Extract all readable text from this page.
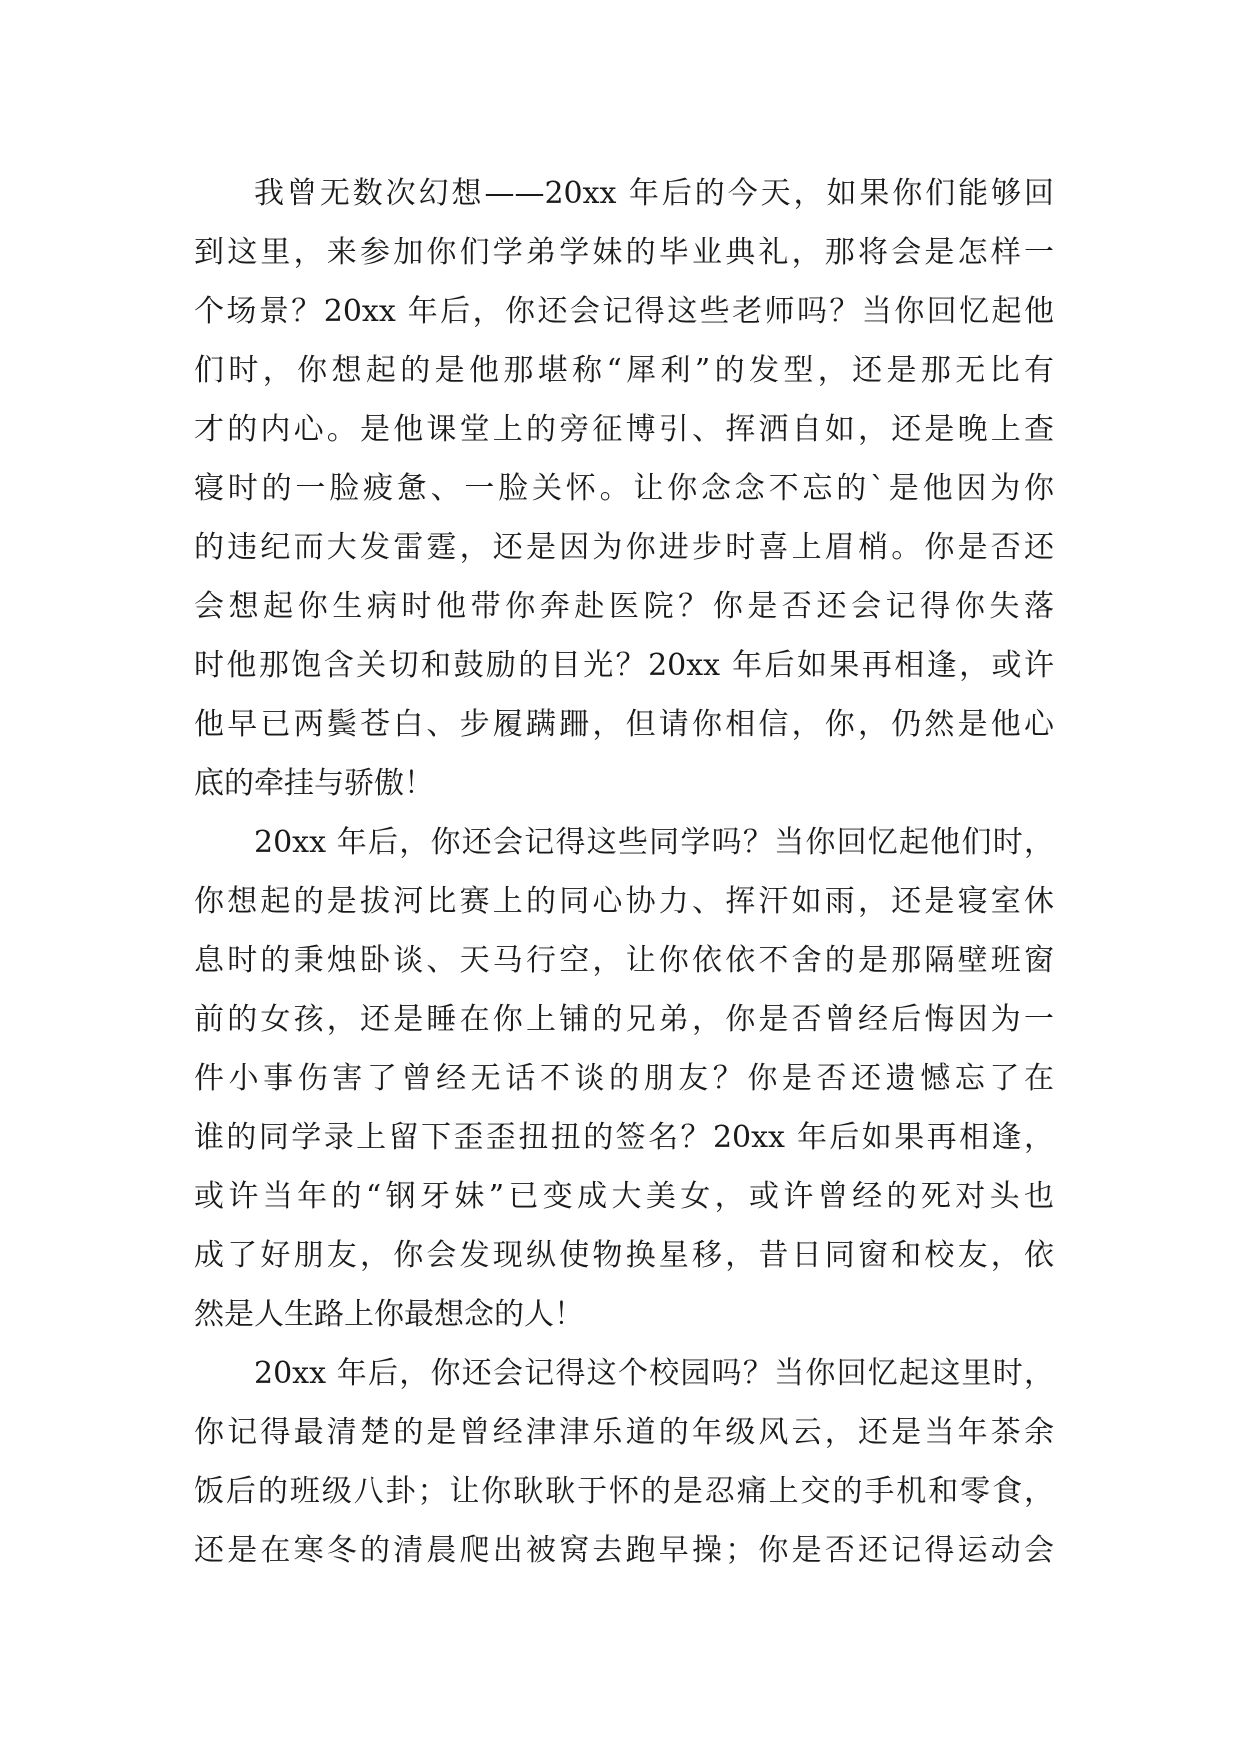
我曾无数次幻想——20xx 年后的今天，如果你们能够回
到这里，来参加你们学弟学妹的毕业典礼，那将会是怎样一
个场景？20xx 年后，你还会记得这些老师吗？当你回忆起他
们时，你想起的是他那堪称“犀利”的发型，还是那无比有
才的内心。是他课堂上的旁征博引、挥洒自如，还是晚上查
寝时的一脸疲惫、一脸关怀。让你念念不忘的`是他因为你
的违纪而大发雷霆，还是因为你进步时喜上眉梢。你是否还
会想起你生病时他带你奔赴医院？你是否还会记得你失落
时他那饱含关切和鼓励的目光？20xx 年后如果再相逢，或许
他早已两鬓苍白、步履蹒跚，但请你相信，你，仍然是他心
底的牵挂与骄傲！
20xx 年后，你还会记得这些同学吗？当你回忆起他们时，
你想起的是拔河比赛上的同心协力、挥汗如雨，还是寝室休
息时的秉烛卧谈、天马行空，让你依依不舍的是那隔壁班窗
前的女孩，还是睡在你上铺的兄弟，你是否曾经后悔因为一
件小事伤害了曾经无话不谈的朋友？你是否还遗憾忘了在
谁的同学录上留下歪歪扭扭的签名？20xx 年后如果再相逢，
或许当年的“钢牙妹”已变成大美女，或许曾经的死对头也
成了好朋友，你会发现纵使物换星移，昔日同窗和校友，依
然是人生路上你最想念的人！
20xx 年后，你还会记得这个校园吗？当你回忆起这里时，
你记得最清楚的是曾经津津乐道的年级风云，还是当年茶余
饭后的班级八卦；让你耿耿于怀的是忍痛上交的手机和零食，
还是在寒冬的清晨爬出被窝去跑早操；你是否还记得运动会
